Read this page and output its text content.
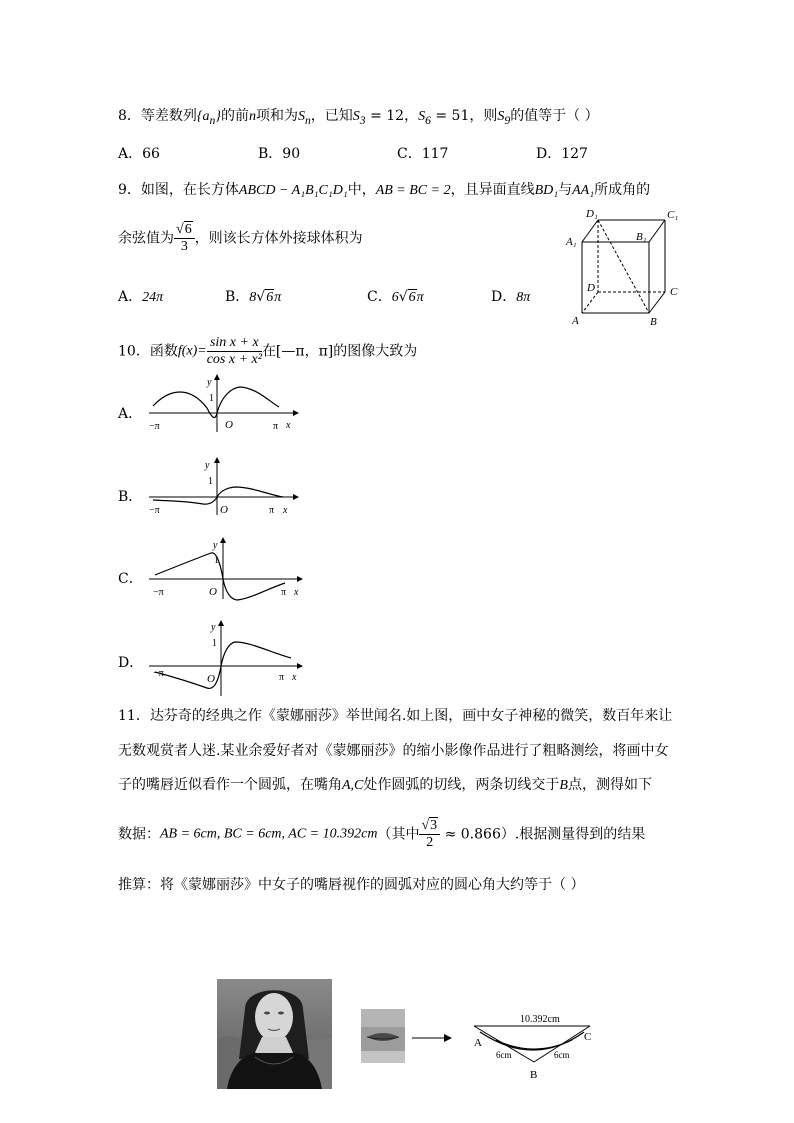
8．等差数列$\{a_n\}$的前n项和为$S_n$，已知$S_3 = 12$，$S_6 = 51$，则$S_9$的值等于（ ）
A．66	B．90	C．117	D．127
9．如图，在长方体ABCD − A₁B₁C₁D₁中，AB = BC = 2，且异面直线BD₁与AA₁所成角的
余弦值为 $\frac{√6}{3}$ ，则该长方体外接球体积为
A．24π	B．8√6π	C．6√6π	D．8π
D₁	C₁
A₁	B₁
D	C
A	B
10．函数$f(x)= \frac{\text{sin x + x}}{\text{cos x + x²}}$ 在[—π，π]的图像大致为
A．
y
1
O
−π	π x
B．
y
1
O
−π	π x
C．
y
1
O
−π	π x
D．
y
1
O
−π	π x
11．达芬奇的经典之作《蒙娜丽莎》举世闻名.如上图，画中女子神秘的微笑，数百年来让
无数观赏者人迷.某业余爱好者对《蒙娜丽莎》的缩小影像作品进行了粗略测绘，将画中女
子的嘴唇近似看作一个圆弧，在嘴角A,C处作圆弧的切线，两条切线交于B点，测得如下
数据：AB = 6cm, BC = 6cm, AC = 10.392cm（其中 $\frac{√3}{2} \approx 0.866$）.根据测量得到的结果
推算：将《蒙娜丽莎》中女子的嘴唇视作的圆弧对应的圆心角大约等于（ ）
10.392cm
A	C
B
6cm	6cm
